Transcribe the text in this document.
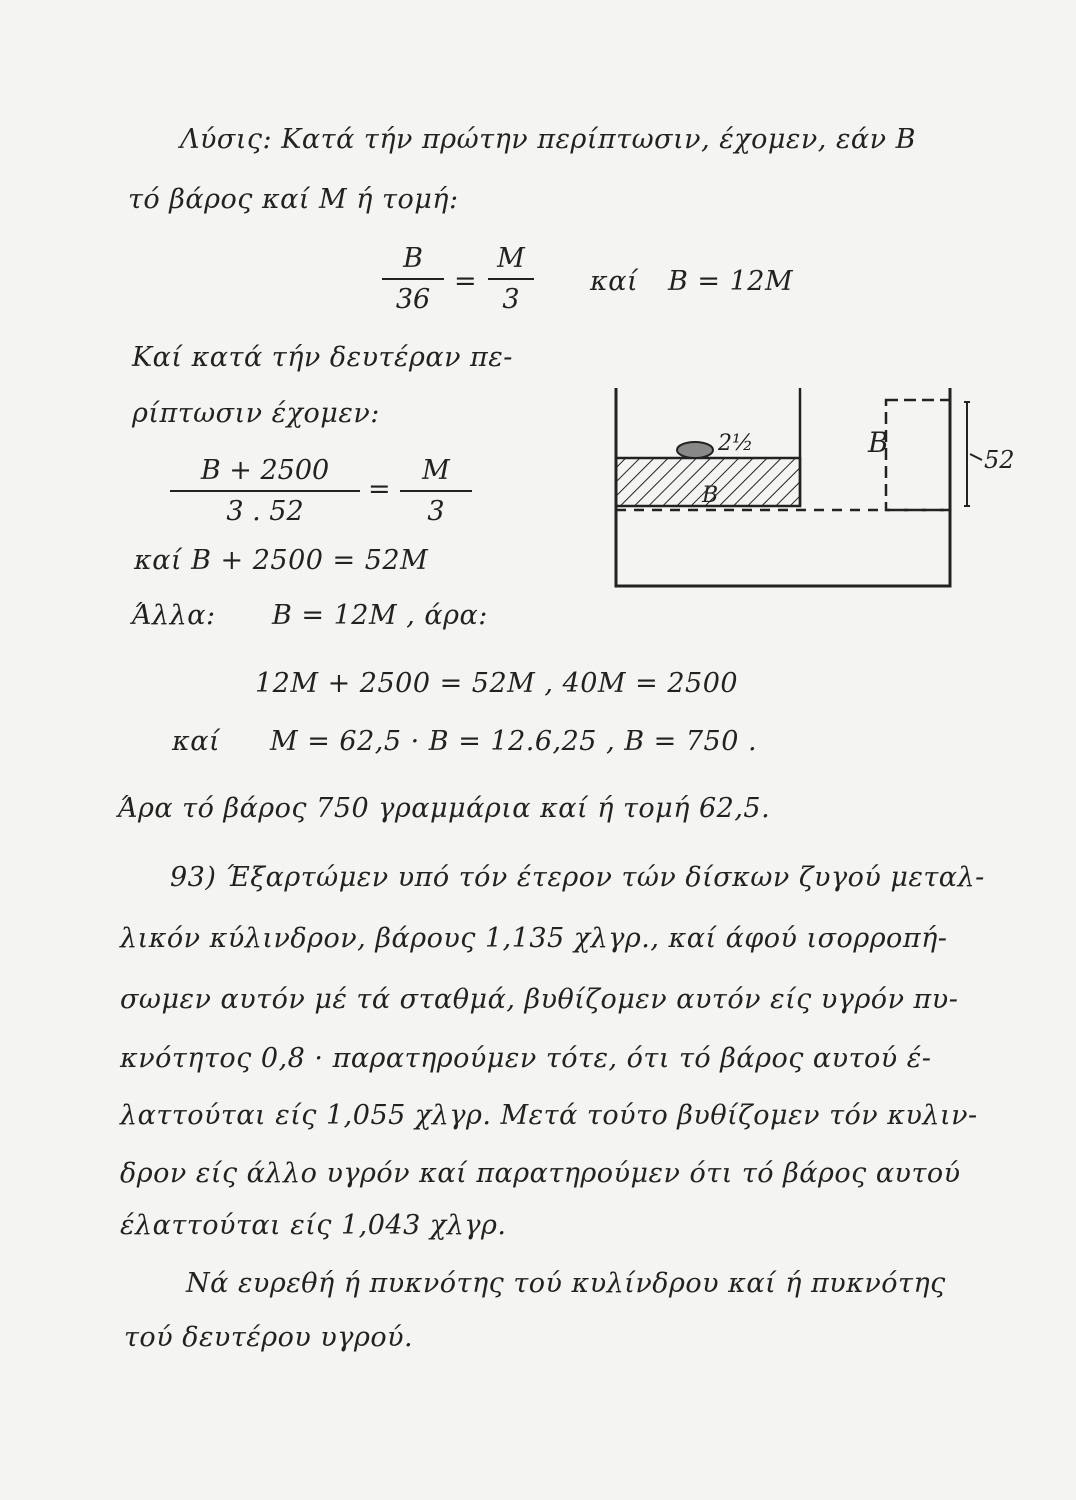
Λύσις: Κατά τήν πρώτην περίπτωσιν, έχομεν, εάν B
τό βάρος καί M ή τομή:
B
36
=
M
3
καί B = 12M
Καί κατά τήν δευτέραν πε-
ρίπτωσιν έχομεν:
B + 2500
3 . 52
=
M
3
καί B + 2500 = 52M
Άλλα: B = 12M , άρα:
12M + 2500 = 52M , 40M = 2500
καί M = 62,5 · B = 12.6,25 , B = 750 .
Άρα τό βάρος 750 γραμμάρια καί ή τομή 62,5.
93) Έξαρτώμεν υπό τόν έτερον τών δίσκων ζυγού μεταλ-
λικόν κύλινδρον, βάρους 1,135 χλγρ., καί άφού ισορροπή-
σωμεν αυτόν μέ τά σταθμά, βυθίζομεν αυτόν είς υγρόν πυ-
κνότητος 0,8 · παρατηρούμεν τότε, ότι τό βάρος αυτού έ-
λαττούται είς 1,055 χλγρ. Μετά τούτο βυθίζομεν τόν κυλιν-
δρον είς άλλο υγρόν καί παρατηρούμεν ότι τό βάρος αυτού
έλαττούται είς 1,043 χλγρ.
Νά ευρεθή ή πυκνότης τού κυλίνδρου καί ή πυκνότης
τού δευτέρου υγρού.
B
B
2½
52
